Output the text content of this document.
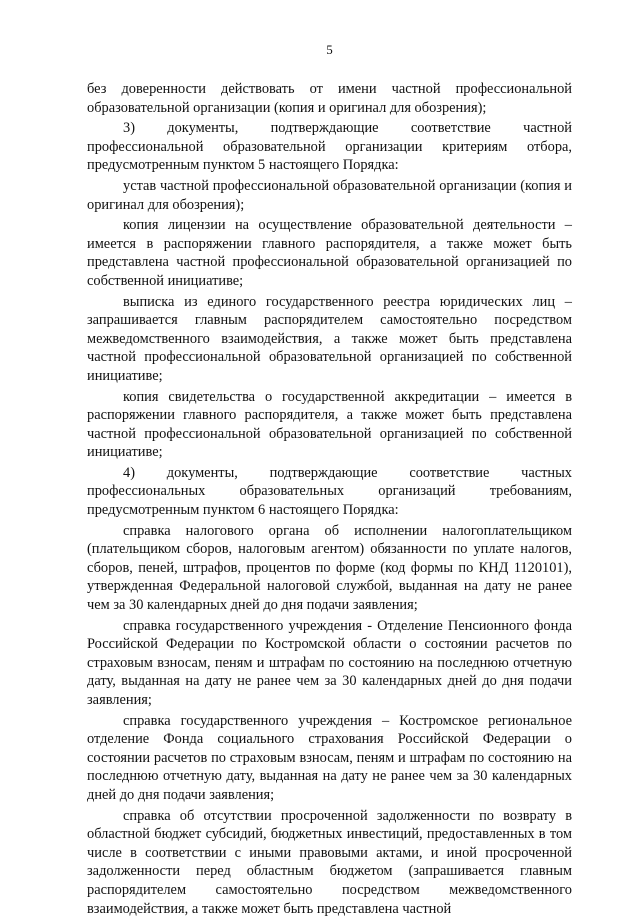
5

без доверенности действовать от имени частной профессиональной образовательной организации (копия и оригинал для обозрения);

3) документы, подтверждающие соответствие частной профессиональной образовательной организации критериям отбора, предусмотренным пунктом 5 настоящего Порядка:

устав частной профессиональной образовательной организации (копия и оригинал для обозрения);

копия лицензии на осуществление образовательной деятельности – имеется в распоряжении главного распорядителя, а также может быть представлена частной профессиональной образовательной организацией по собственной инициативе;

выписка из единого государственного реестра юридических лиц – запрашивается главным распорядителем самостоятельно посредством межведомственного взаимодействия, а также может быть представлена частной профессиональной образовательной организацией по собственной инициативе;

копия свидетельства о государственной аккредитации – имеется в распоряжении главного распорядителя, а также может быть представлена частной профессиональной образовательной организацией по собственной инициативе;

4) документы, подтверждающие соответствие частных профессиональных образовательных организаций требованиям, предусмотренным пунктом 6 настоящего Порядка:

справка налогового органа об исполнении налогоплательщиком (плательщиком сборов, налоговым агентом) обязанности по уплате налогов, сборов, пеней, штрафов, процентов по форме (код формы по КНД 1120101), утвержденная Федеральной налоговой службой, выданная на дату не ранее чем за 30 календарных дней до дня подачи заявления;

справка государственного учреждения - Отделение Пенсионного фонда Российской Федерации по Костромской области о состоянии расчетов по страховым взносам, пеням и штрафам по состоянию на последнюю отчетную дату, выданная на дату не ранее чем за 30 календарных дней до дня подачи заявления;

справка государственного учреждения – Костромское региональное отделение Фонда социального страхования Российской Федерации о состоянии расчетов по страховым взносам, пеням и штрафам по состоянию на последнюю отчетную дату, выданная на дату не ранее чем за 30 календарных дней до дня подачи заявления;

справка об отсутствии просроченной задолженности по возврату в областной бюджет субсидий, бюджетных инвестиций, предоставленных в том числе в соответствии с иными правовыми актами, и иной просроченной задолженности перед областным бюджетом (запрашивается главным распорядителем самостоятельно посредством межведомственного взаимодействия, а также может быть представлена частной
